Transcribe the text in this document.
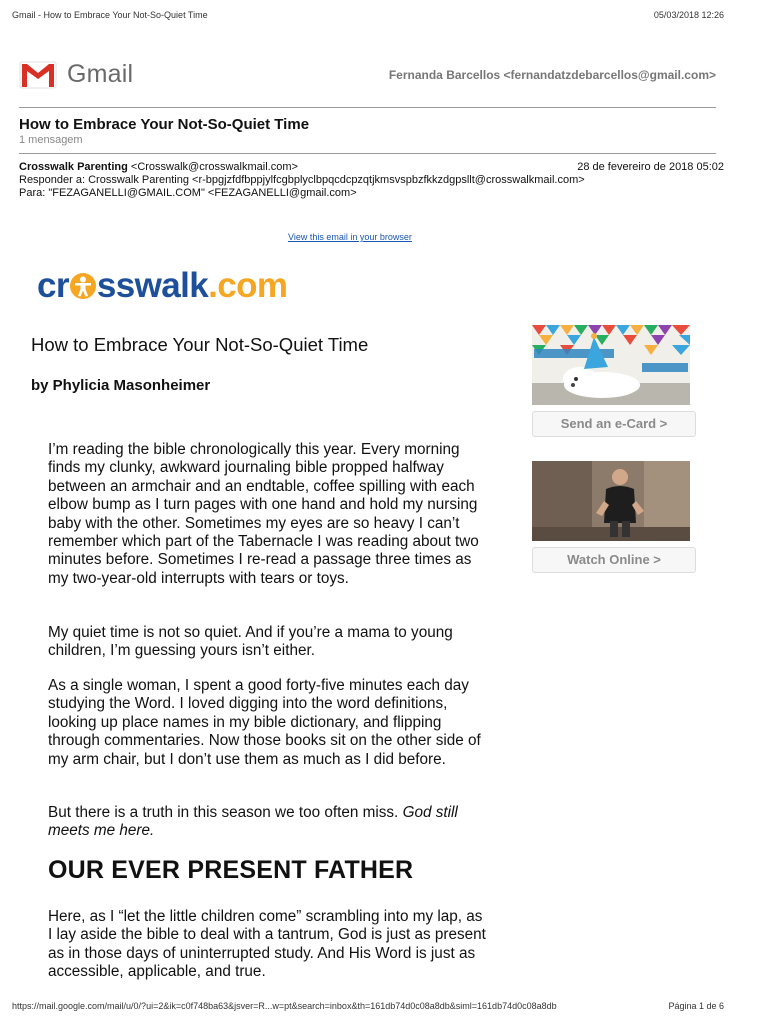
Gmail - How to Embrace Your Not-So-Quiet Time	05/03/2018 12:26
Gmail	Fernanda Barcellos <fernandatzdebarcellos@gmail.com>
How to Embrace Your Not-So-Quiet Time
1 mensagem
Crosswalk Parenting <Crosswalk@crosswalkmail.com>	28 de fevereiro de 2018 05:02
Responder a: Crosswalk Parenting <r-bpgjzfdfbppjylfcgbplyclbpqcdcpzqtjkmsvspbzfkkzdgpsllt@crosswalkmail.com>
Para: "FEZAGANELLI@GMAIL.COM" <FEZAGANELLI@gmail.com>
View this email in your browser
cr sswalk.com
How to Embrace Your Not-So-Quiet Time
by Phylicia Masonheimer
I’m reading the bible chronologically this year. Every morning finds my clunky, awkward journaling bible propped halfway between an armchair and an endtable, coffee spilling with each elbow bump as I turn pages with one hand and hold my nursing baby with the other. Sometimes my eyes are so heavy I can’t remember which part of the Tabernacle I was reading about two minutes before. Sometimes I re-read a passage three times as my two-year-old interrupts with tears or toys.
My quiet time is not so quiet. And if you’re a mama to young children, I’m guessing yours isn’t either.
As a single woman, I spent a good forty-five minutes each day studying the Word. I loved digging into the word definitions, looking up place names in my bible dictionary, and flipping through commentaries. Now those books sit on the other side of my arm chair, but I don’t use them as much as I did before.
But there is a truth in this season we too often miss. God still meets me here.
OUR EVER PRESENT FATHER
Here, as I “let the little children come” scrambling into my lap, as I lay aside the bible to deal with a tantrum, God is just as present as in those days of uninterrupted study. And His Word is just as accessible, applicable, and true.
Send an e-Card >
Watch Online >
https://mail.google.com/mail/u/0/?ui=2&ik=c0f748ba63&jsver=R...w=pt&search=inbox&th=161db74d0c08a8db&siml=161db74d0c08a8db	Página 1 de 6
